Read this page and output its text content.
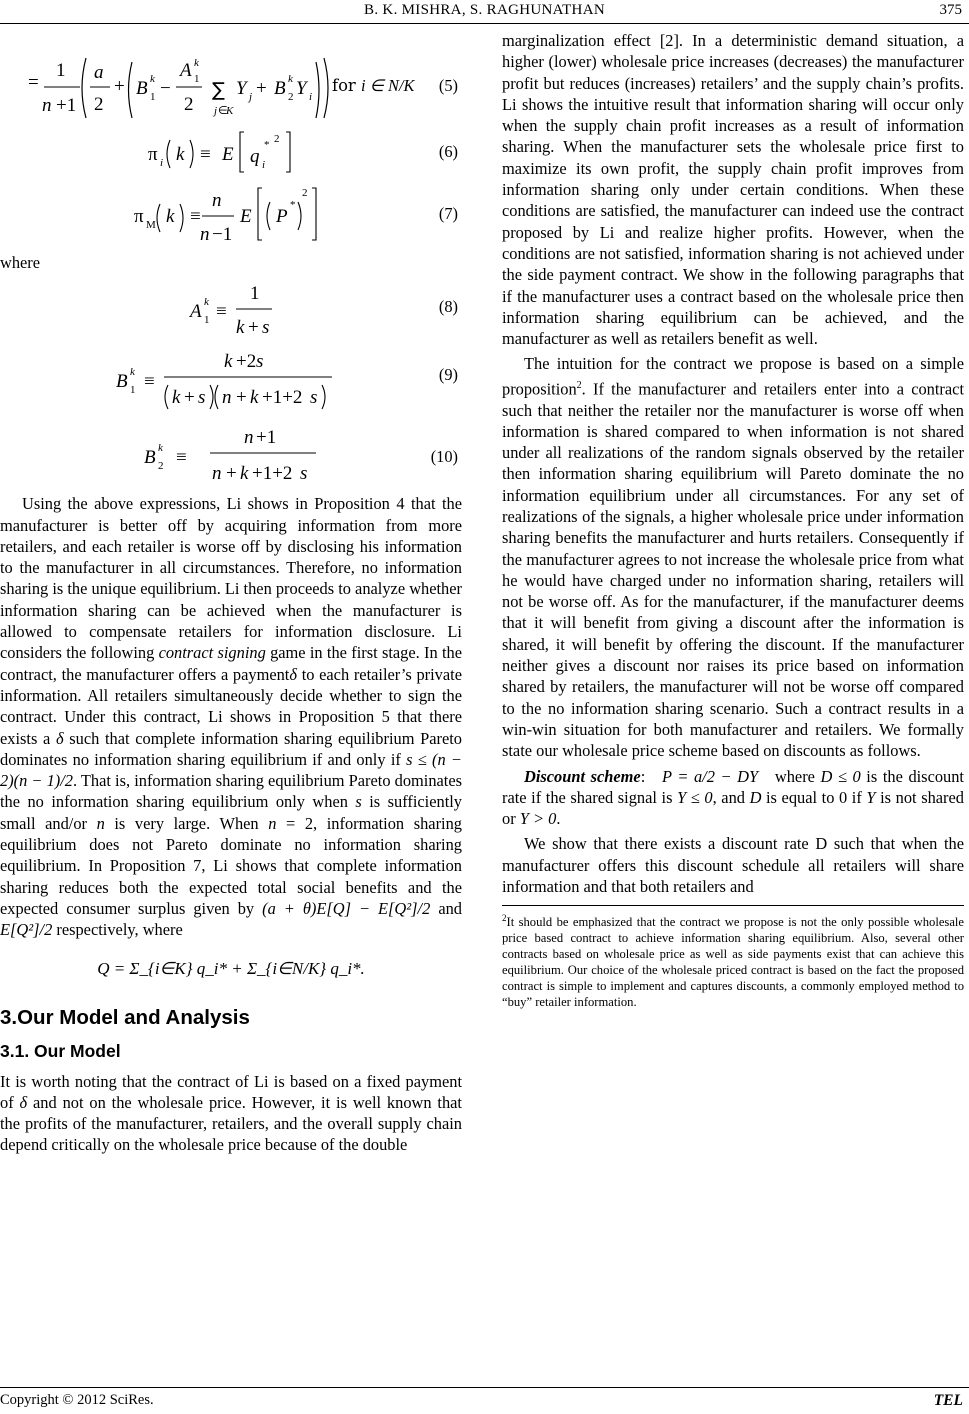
B. K. MISHRA, S. RAGHUNATHAN	375
=
1
n +1
a
2
+ B k
1 −
A k
1
2
∑
j ∈
K
Y j + B k
2 Y i
for i ∈ N/K (5)
π i k ≡ E q
*
i
2
(6)
π M k ≡
n
n −1
E P
*
2
(7)

where

A k
1 ≡
1
k + s
(8)
B k
1 ≡
k +2 s
k + s n + k +1+2 s
(9)
B k
2 ≡
n +1
n + k +1+2 s
(10)

Using the above expressions, Li shows in Proposition 4 that the manufacturer is better off by acquiring information from more retailers, and each retailer is worse off by disclosing his information to the manufacturer in all circumstances. Therefore, no information sharing is the unique equilibrium. Li then proceeds to analyze whether information sharing can be achieved when the manufacturer is allowed to compensate retailers for information disclosure. Li considers the following contract signing game in the first stage. In the contract, the manufacturer offers a paymentδ to each retailer’s private information. All retailers simultaneously decide whether to sign the contract. Under this contract, Li shows in Proposition 5 that there exists a δ such that complete information sharing equilibrium Pareto dominates no information sharing equilibrium if and only if s ≤ (n − 2)(n − 1)/2. That is, information sharing equilibrium Pareto dominates the no information sharing equilibrium only when s is sufficiently small and/or n is very large. When n = 2, information sharing equilibrium does not Pareto dominate no information sharing equilibrium. In Proposition 7, Li shows that complete information sharing reduces both the expected total social benefits and the expected consumer surplus given by (a + θ)E[Q] − E[Q²]/2 and E[Q²]/2 respectively, where

Q = Σ_{i∈K} q_i* + Σ_{i∈N/K} q_i*.

3.Our Model and Analysis

3.1. Our Model

It is worth noting that the contract of Li is based on a fixed payment of δ and not on the wholesale price. However, it is well known that the profits of the manufacturer, retailers, and the overall supply chain depend critically on the wholesale price because of the double

marginalization effect [2]. In a deterministic demand situation, a higher (lower) wholesale price increases (decreases) the manufacturer profit but reduces (increases) retailers’ and the supply chain’s profits. Li shows the intuitive result that information sharing will occur only when the supply chain profit increases as a result of information sharing. When the manufacturer sets the wholesale price first to maximize its own profit, the supply chain profit improves from information sharing only under certain conditions. When these conditions are satisfied, the manufacturer can indeed use the contract proposed by Li and realize higher profits. However, when the conditions are not satisfied, information sharing is not achieved under the side payment contract. We show in the following paragraphs that if the manufacturer uses a contract based on the wholesale price then information sharing equilibrium can be achieved, and the manufacturer as well as retailers benefit as well.

The intuition for the contract we propose is based on a simple proposition$^2$. If the manufacturer and retailers enter into a contract such that neither the retailer nor the manufacturer is worse off when information is shared compared to when information is not shared under all realizations of the random signals observed by the retailer then information sharing equilibrium will Pareto dominate the no information equilibrium under all circumstances. For any set of realizations of the signals, a higher wholesale price under information sharing benefits the manufacturer and hurts retailers. Consequently if the manufacturer agrees to not increase the wholesale price from what he would have charged under no information sharing, retailers will not be worse off. As for the manufacturer, if the manufacturer deems that it will benefit from giving a discount after the information is shared, it will benefit by offering the discount. If the manufacturer neither gives a discount nor raises its price based on information shared by retailers, the manufacturer will not be worse off compared to the no information sharing scenario. Such a contract results in a win-win situation for both manufacturer and retailers. We formally state our wholesale price scheme based on discounts as follows.

Discount scheme: P = a/2 − DY   where D ≤ 0 is the discount rate if the shared signal is Y ≤ 0, and D is equal to 0 if Y is not shared or Y > 0.

We show that there exists a discount rate D such that when the manufacturer offers this discount schedule all retailers will share information and that both retailers and

$^2$It should be emphasized that the contract we propose is not the only possible wholesale price based contract to achieve information sharing equilibrium. Also, several other contracts based on wholesale price as well as side payments exist that can achieve this equilibrium. Our choice of the wholesale priced contract is based on the fact the proposed contract is simple to implement and captures discounts, a commonly employed method to “buy” retailer information.

Copyright © 2012 SciRes.	TEL
